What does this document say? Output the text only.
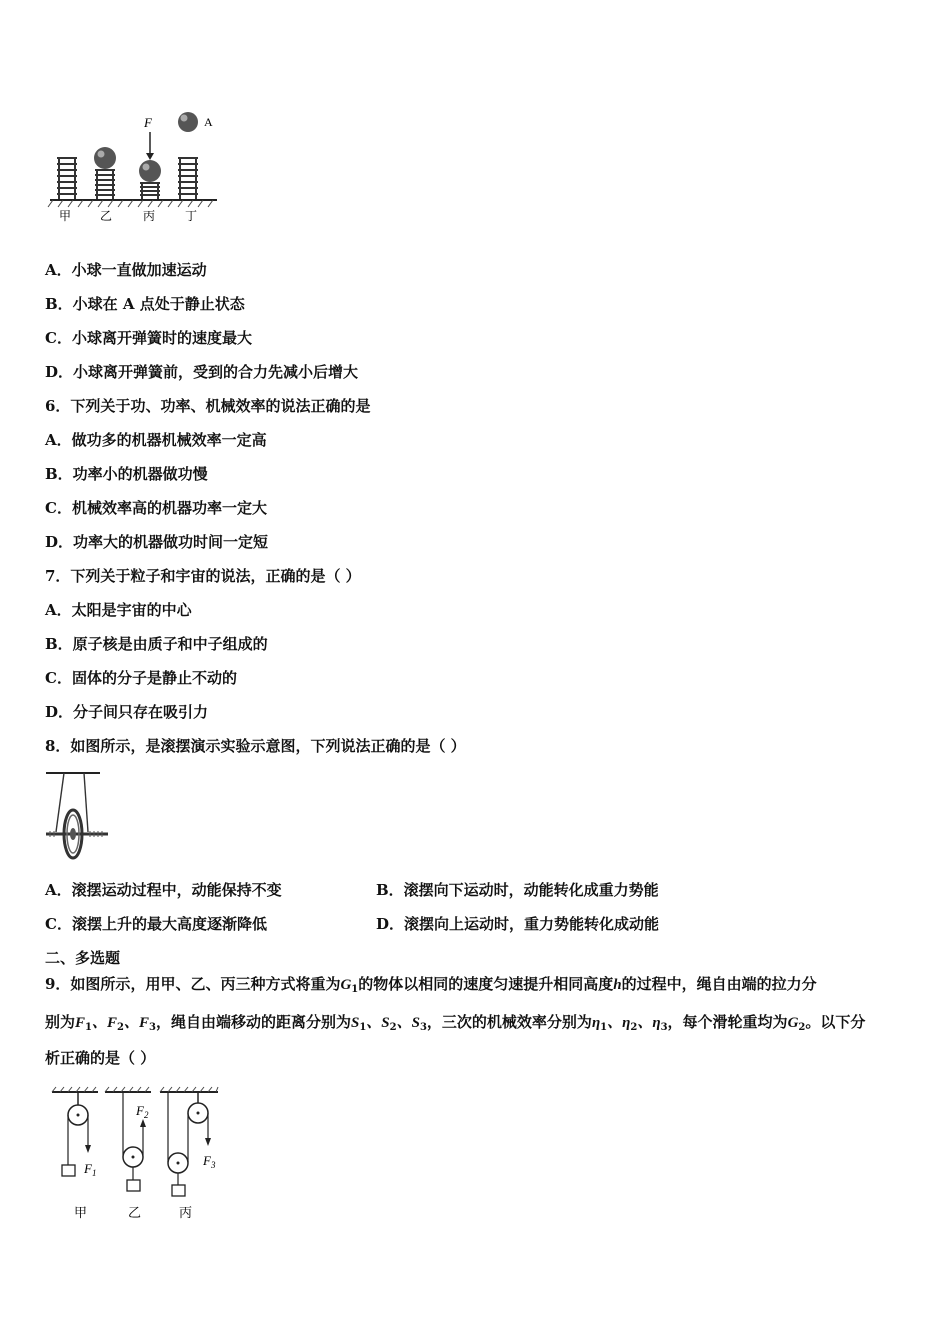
F	A
甲 乙	丙 丁
A．小球一直做加速运动
B．小球在 A 点处于静止状态
C．小球离开弹簧时的速度最大
D．小球离开弹簧前，受到的合力先减小后增大
6．下列关于功、功率、机械效率的说法正确的是
A．做功多的机器机械效率一定高
B．功率小的机器做功慢
C．机械效率高的机器功率一定大
D．功率大的机器做功时间一定短
7．下列关于粒子和宇宙的说法，正确的是（ ）
A．太阳是宇宙的中心
B．原子核是由质子和中子组成的
C．固体的分子是静止不动的
D．分子间只存在吸引力
8．如图所示，是滚摆演示实验示意图，下列说法正确的是（ ）
A．滚摆运动过程中，动能保持不变	B．滚摆向下运动时，动能转化成重力势能
C．滚摆上升的最大高度逐渐降低	D．滚摆向上运动时，重力势能转化成动能
二、多选题
9．如图所示，用甲、乙、丙三种方式将重为$G_1$的物体以相同的速度匀速提升相同高度h的过程中，绳自由端的拉力分
别为$F_1$、$F_2$、$F_3$，绳自由端移动的距离分别为$S_1$、$S_2$、$S_3$，三次的机械效率分别为$\eta_1$、$\eta_2$、$\eta_3$，每个滑轮重均为$G_2$。以下分
析正确的是（ ）
$F_1$
$F_2$
$F_3$
甲	乙	丙
